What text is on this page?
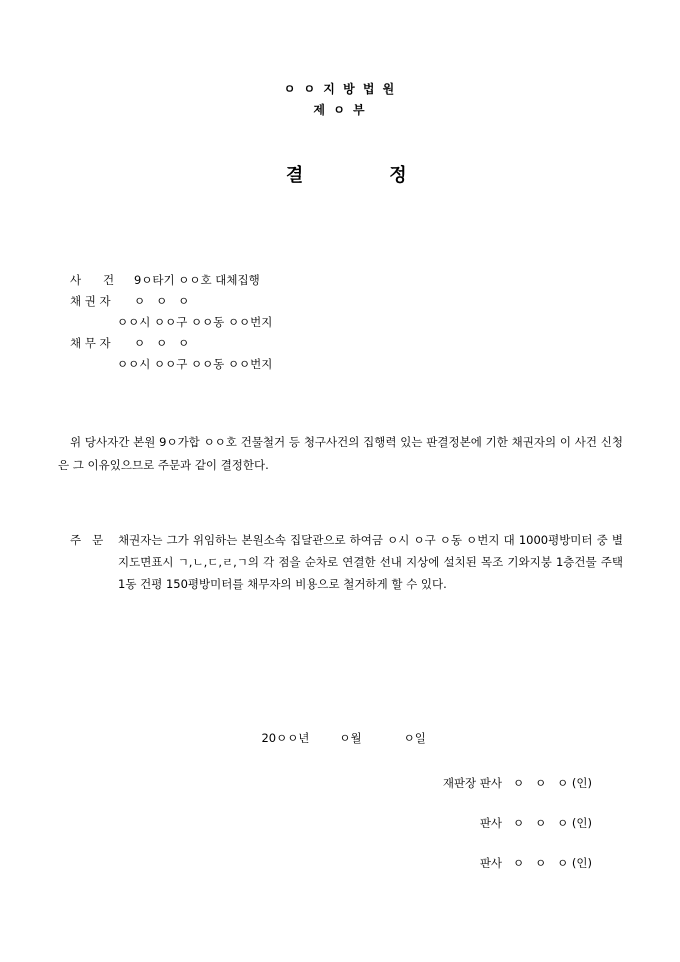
ㅇ ㅇ 지 방 법 원
제 ㅇ 부

결	정

사      건 9ㅇ타기 ㅇㅇ호 대체집행
채 권 자 ㅇ   ㅇ   ㅇ
ㅇㅇ시 ㅇㅇ구 ㅇㅇ동 ㅇㅇ번지
채 무 자 ㅇ   ㅇ   ㅇ
ㅇㅇ시 ㅇㅇ구 ㅇㅇ동 ㅇㅇ번지
위 당사자간 본원 9ㅇ가합 ㅇㅇ호 건물철거 등 청구사건의 집행력 있는 판결정본에 기한 채권자의 이 사건 신청은 그 이유있으므로 주문과 같이 결정한다.
주   문 채권자는 그가 위임하는 본원소속 집달관으로 하여금 ㅇ시 ㅇ구 ㅇ동 ㅇ번지 대 1000평방미터 중 별지도면표시 ㄱ,ㄴ,ㄷ,ㄹ,ㄱ의 각 점을 순차로 연결한 선내 지상에 설치된 목조 기와지붕 1층건물 주택 1동 건평 150평방미터를 채무자의 비용으로 철거하게 할 수 있다.

20ㅇㅇ년	ㅇ월	ㅇ일

재판장 판사 ㅇ   ㅇ   ㅇ (인)
판사 ㅇ   ㅇ   ㅇ (인)
판사 ㅇ   ㅇ   ㅇ (인)
